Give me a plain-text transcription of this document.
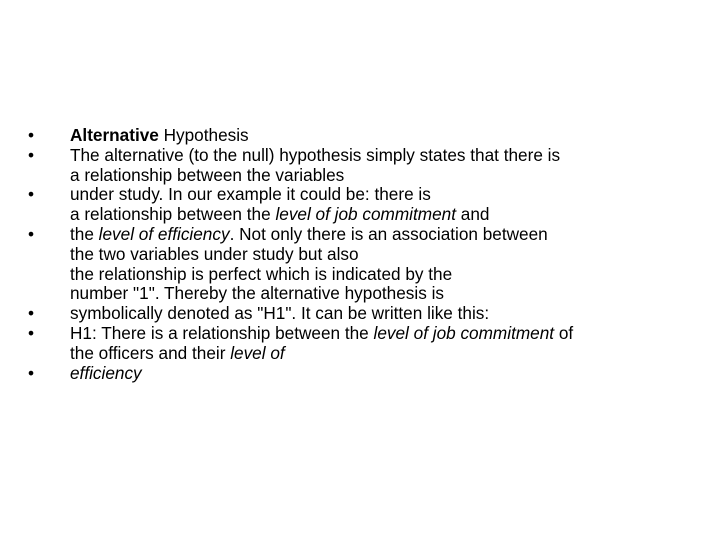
•	Alternative Hypothesis
•	The alternative (to the null) hypothesis simply states that there is
a relationship between the variables
•	under study. In our example it could be: there is
a relationship between the level of job commitment and
•	the level of efficiency. Not only there is an association between
the two variables under study but also
the relationship is perfect which is indicated by the
number "1". Thereby the alternative hypothesis is
•	symbolically denoted as "H1". It can be written like this:
•	H1: There is a relationship between the level of job commitment of
the officers and their level of
•	efficiency
